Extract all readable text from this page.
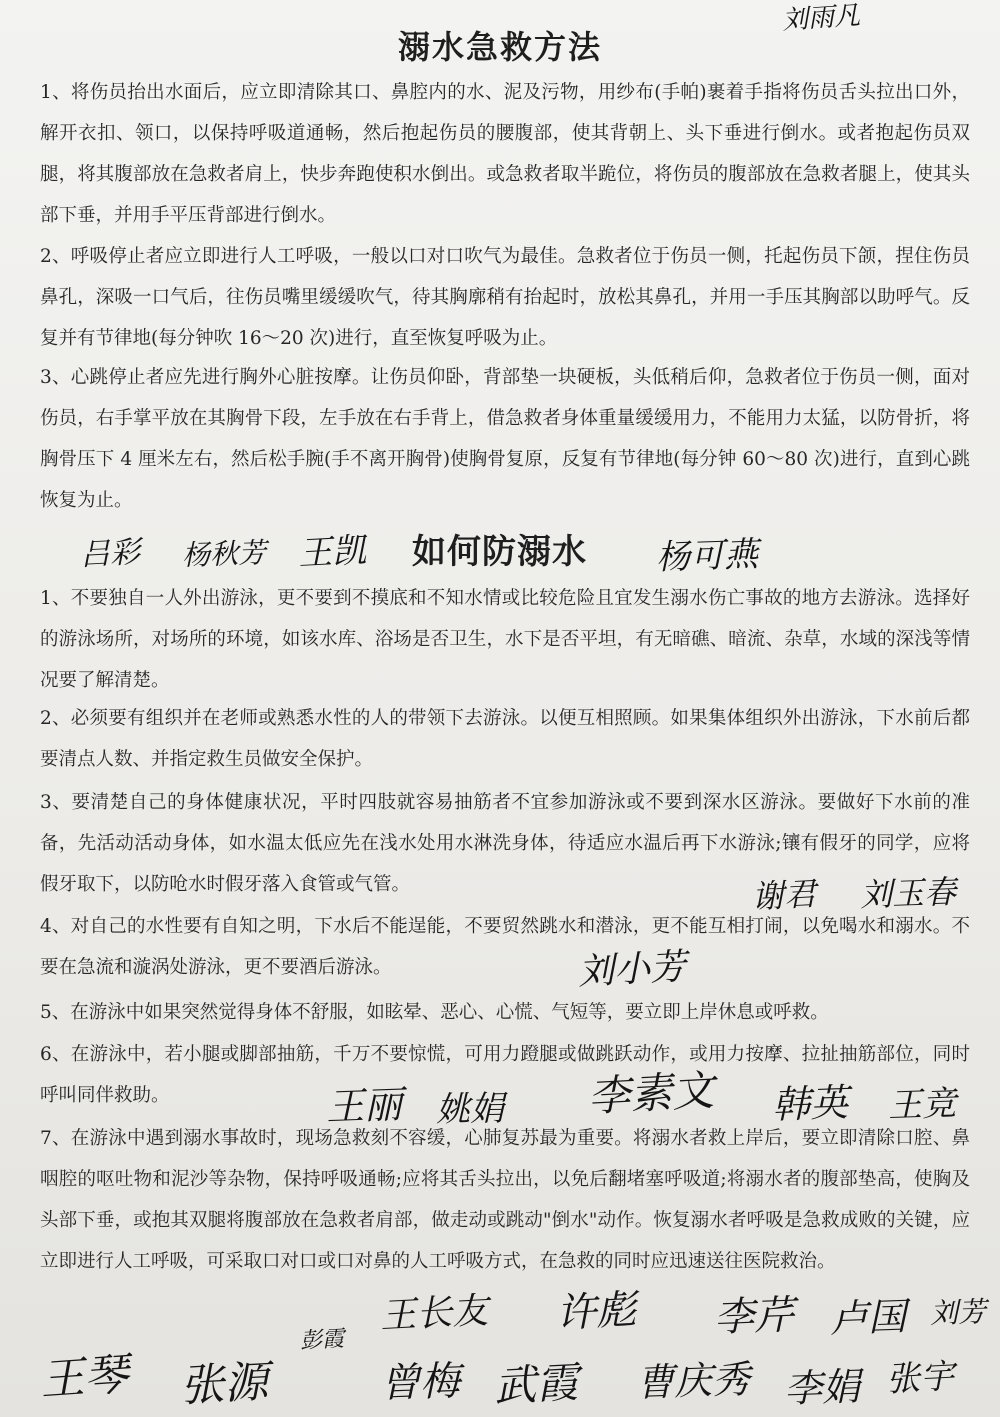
溺水急救方法
1、将伤员抬出水面后，应立即清除其口、鼻腔内的水、泥及污物，用纱布(手帕)裹着手指将伤员舌头拉出口外，解开衣扣、领口，以保持呼吸道通畅，然后抱起伤员的腰腹部，使其背朝上、头下垂进行倒水。或者抱起伤员双腿，将其腹部放在急救者肩上，快步奔跑使积水倒出。或急救者取半跪位，将伤员的腹部放在急救者腿上，使其头部下垂，并用手平压背部进行倒水。
2、呼吸停止者应立即进行人工呼吸，一般以口对口吹气为最佳。急救者位于伤员一侧，托起伤员下颌，捏住伤员鼻孔，深吸一口气后，往伤员嘴里缓缓吹气，待其胸廓稍有抬起时，放松其鼻孔，并用一手压其胸部以助呼气。反复并有节律地(每分钟吹 16～20 次)进行，直至恢复呼吸为止。
3、心跳停止者应先进行胸外心脏按摩。让伤员仰卧，背部垫一块硬板，头低稍后仰，急救者位于伤员一侧，面对伤员，右手掌平放在其胸骨下段，左手放在右手背上，借急救者身体重量缓缓用力，不能用力太猛，以防骨折，将胸骨压下 4 厘米左右，然后松手腕(手不离开胸骨)使胸骨复原，反复有节律地(每分钟 60～80 次)进行，直到心跳恢复为止。
如何防溺水
1、不要独自一人外出游泳，更不要到不摸底和不知水情或比较危险且宜发生溺水伤亡事故的地方去游泳。选择好的游泳场所，对场所的环境，如该水库、浴场是否卫生，水下是否平坦，有无暗礁、暗流、杂草，水域的深浅等情况要了解清楚。
2、必须要有组织并在老师或熟悉水性的人的带领下去游泳。以便互相照顾。如果集体组织外出游泳，下水前后都要清点人数、并指定救生员做安全保护。
3、要清楚自己的身体健康状况，平时四肢就容易抽筋者不宜参加游泳或不要到深水区游泳。要做好下水前的准备，先活动活动身体，如水温太低应先在浅水处用水淋洗身体，待适应水温后再下水游泳;镶有假牙的同学，应将假牙取下，以防呛水时假牙落入食管或气管。
4、对自己的水性要有自知之明，下水后不能逞能，不要贸然跳水和潜泳，更不能互相打闹，以免喝水和溺水。不要在急流和漩涡处游泳，更不要酒后游泳。
5、在游泳中如果突然觉得身体不舒服，如眩晕、恶心、心慌、气短等，要立即上岸休息或呼救。
6、在游泳中，若小腿或脚部抽筋，千万不要惊慌，可用力蹬腿或做跳跃动作，或用力按摩、拉扯抽筋部位，同时呼叫同伴救助。
7、在游泳中遇到溺水事故时，现场急救刻不容缓，心肺复苏最为重要。将溺水者救上岸后，要立即清除口腔、鼻咽腔的呕吐物和泥沙等杂物，保持呼吸通畅;应将其舌头拉出，以免后翻堵塞呼吸道;将溺水者的腹部垫高，使胸及头部下垂，或抱其双腿将腹部放在急救者肩部，做走动或跳动"倒水"动作。恢复溺水者呼吸是急救成败的关键，应立即进行人工呼吸，可采取口对口或口对鼻的人工呼吸方式，在急救的同时应迅速送往医院救治。
刘雨凡
吕彩 杨秋芳 王凯	杨可燕
谢君 刘玉春
刘小芳
王丽 姚娟 李素文 韩英 王竞
王长友 许彪 李芹 卢国 刘芳
王琴 张源
彭霞
曾梅 武霞 曹庆秀 李娟 张宇
